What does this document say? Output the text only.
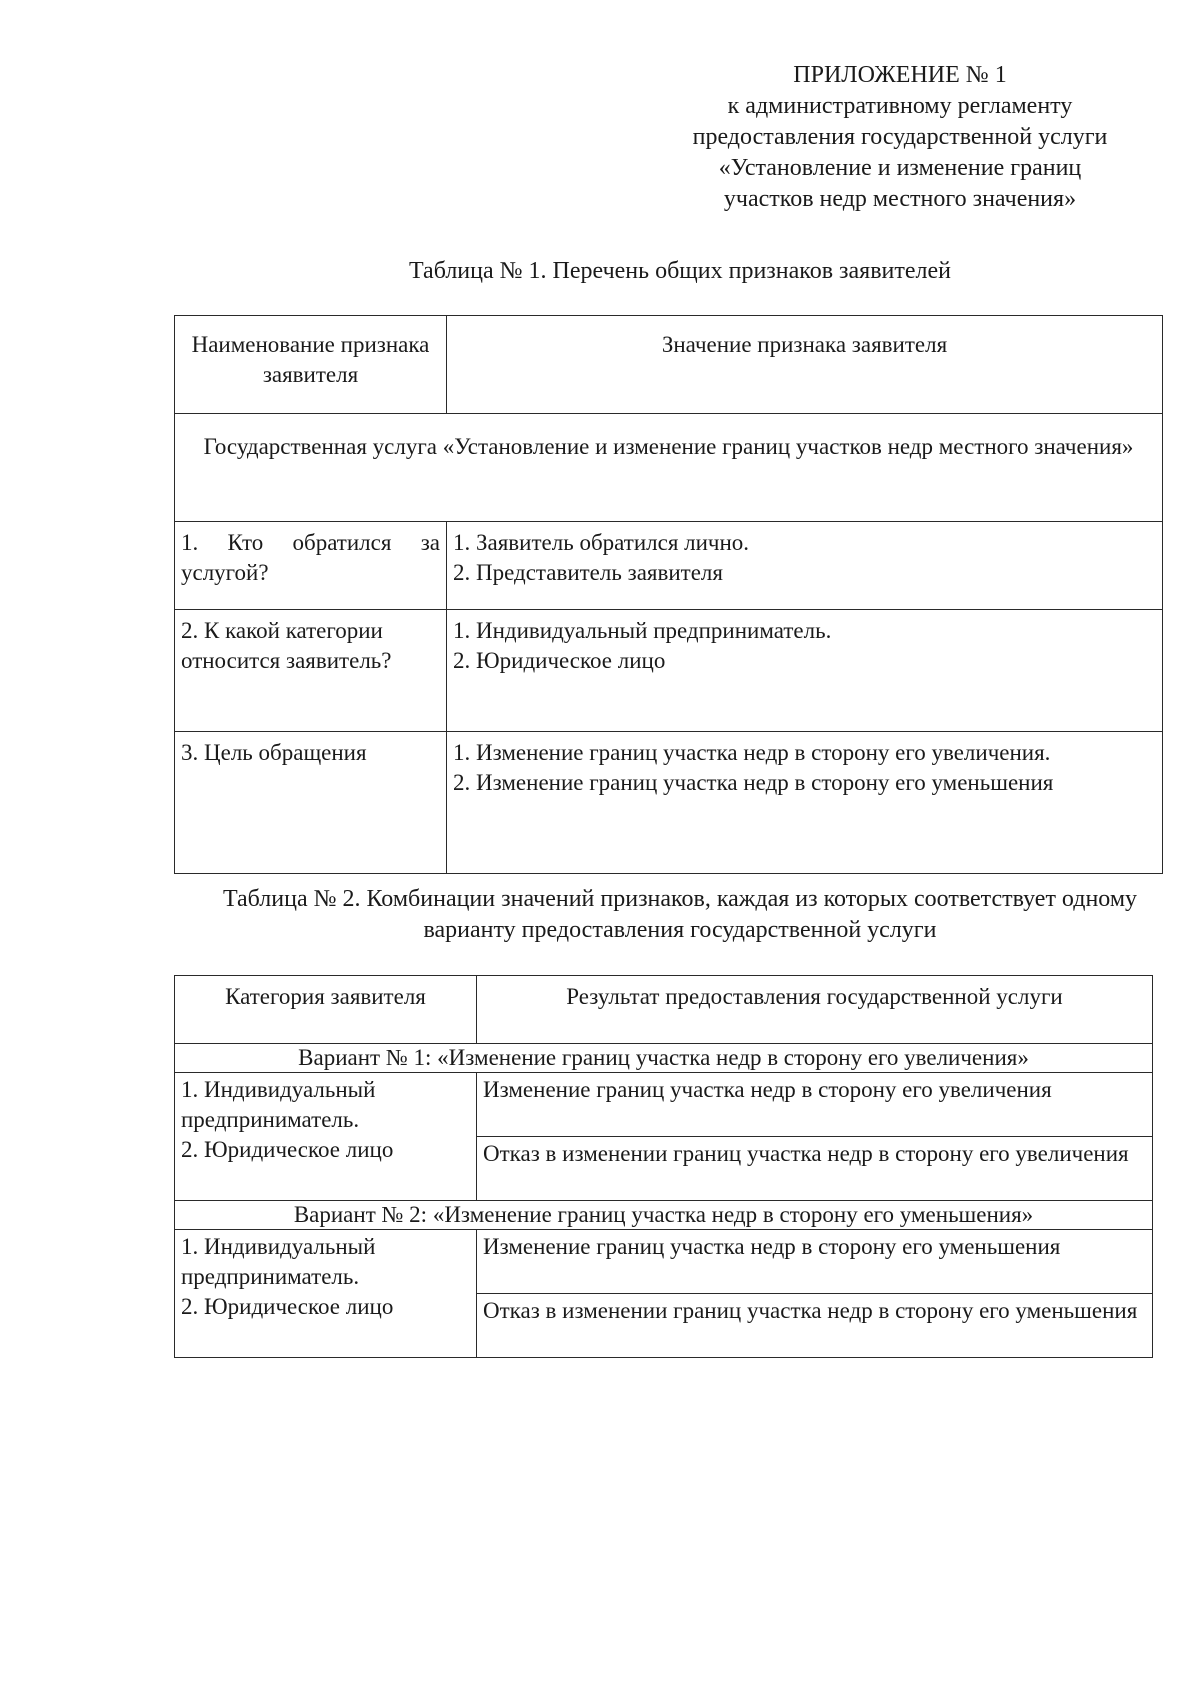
ПРИЛОЖЕНИЕ № 1
к административному регламенту
предоставления государственной услуги
«Установление и изменение границ
участков недр местного значения»
Таблица № 1. Перечень общих признаков заявителей
Наименование признака заявителя	Значение признака заявителя
Государственная услуга «Установление и изменение границ участков недр местного значения»	
1. Кто обратился за услугой?	1. Заявитель обратился лично.
2. Представитель заявителя

2. К какой категории относится заявитель?	1. Индивидуальный предприниматель.
2. Юридическое лицо

3. Цель обращения	1. Изменение границ участка недр в сторону его увеличения.
2. Изменение границ участка недр в сторону его уменьшения
Таблица № 2. Комбинации значений признаков, каждая из которых соответствует одному варианту предоставления государственной услуги
Категория заявителя	Результат предоставления государственной услуги
Вариант № 1: «Изменение границ участка недр в сторону его увеличения»	

1. Индивидуальный предприниматель.
2. Юридическое лицо	Изменение границ участка недр в сторону его увеличения
	Отказ в изменении границ участка недр в сторону его увеличения
Вариант № 2: «Изменение границ участка недр в сторону его уменьшения»	

1. Индивидуальный предприниматель.
2. Юридическое лицо	Изменение границ участка недр в сторону его уменьшения
	Отказ в изменении границ участка недр в сторону его уменьшения
